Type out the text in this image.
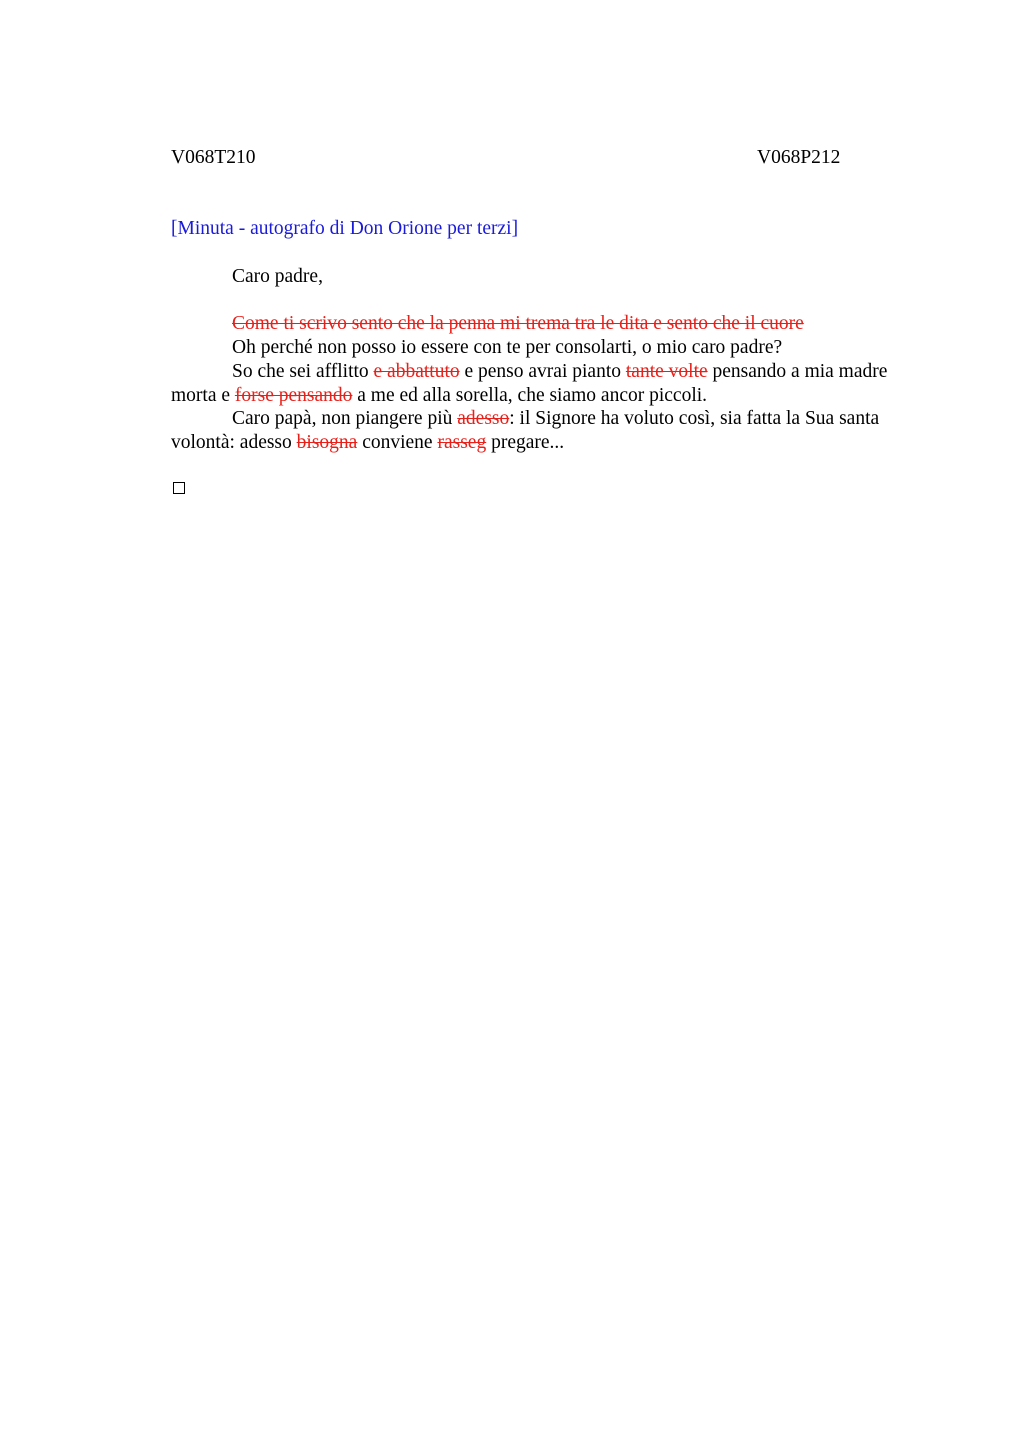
V068T210	V068P212
[Minuta - autografo di Don Orione per terzi]

Caro padre,

Come ti scrivo sento che la penna mi trema tra le dita e sento che il cuore

Oh perché non posso io essere con te per consolarti, o mio caro padre?

So che sei afflitto e abbattuto e penso avrai pianto tante volte pensando a mia madre morta e forse pensando a me ed alla sorella, che siamo ancor piccoli.

Caro papà, non piangere più adesso: il Signore ha voluto così, sia fatta la Sua santa volontà: adesso bisogna conviene rasseg pregare...
